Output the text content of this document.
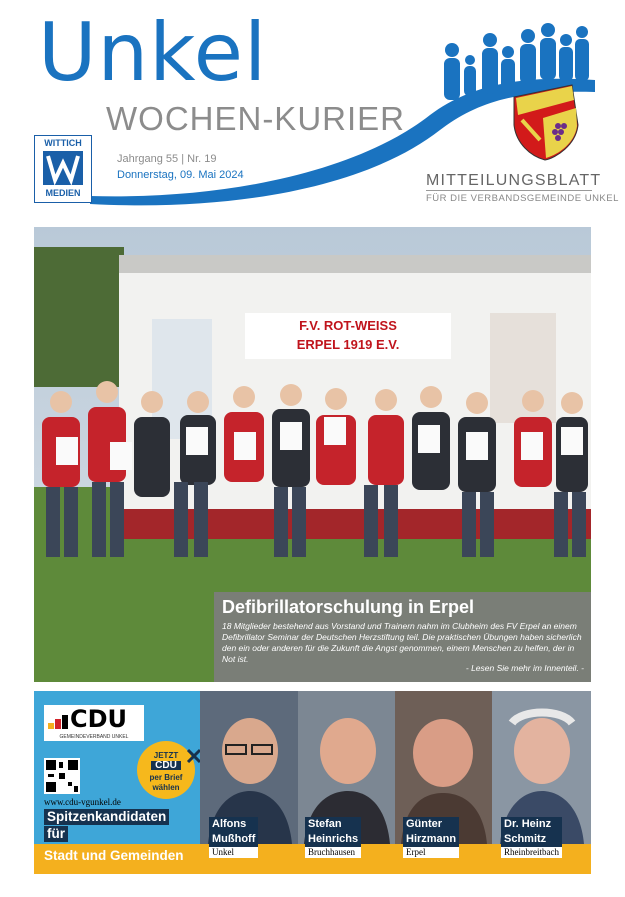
Unkel
WOCHEN-KURIER
WITTICH
MEDIEN
Jahrgang 55 | Nr. 19
Donnerstag, 09. Mai 2024	MITTEILUNGSBLATT
FÜR DIE VERBANDSGEMEINDE UNKEL
F.V. ROT-WEISS
ERPEL 1919 E.V.
Defibrillatorschulung in Erpel
18 Mitglieder bestehend aus Vorstand und Trainern nahm im Clubheim des FV Erpel an einem Defibrillator Seminar der Deutschen Herzstiftung teil. Die praktischen Übungen haben sicherlich den ein oder anderen für die Zukunft die Angst genommen, einem Menschen zu helfen, der in Not ist.
- Lesen Sie mehr im Innenteil. -
CDU
GEMEINDEVERBAND UNKEL
www.cdu-vgunkel.de
Spitzenkandidaten
für
JETZT
CDU
per Brief
wählen
Stadt und Gemeinden
Alfons
Mußhoff
Unkel
Stefan
Heinrichs
Bruchhausen
Günter
Hirzmann
Erpel
Dr. Heinz
Schmitz
Rheinbreitbach
